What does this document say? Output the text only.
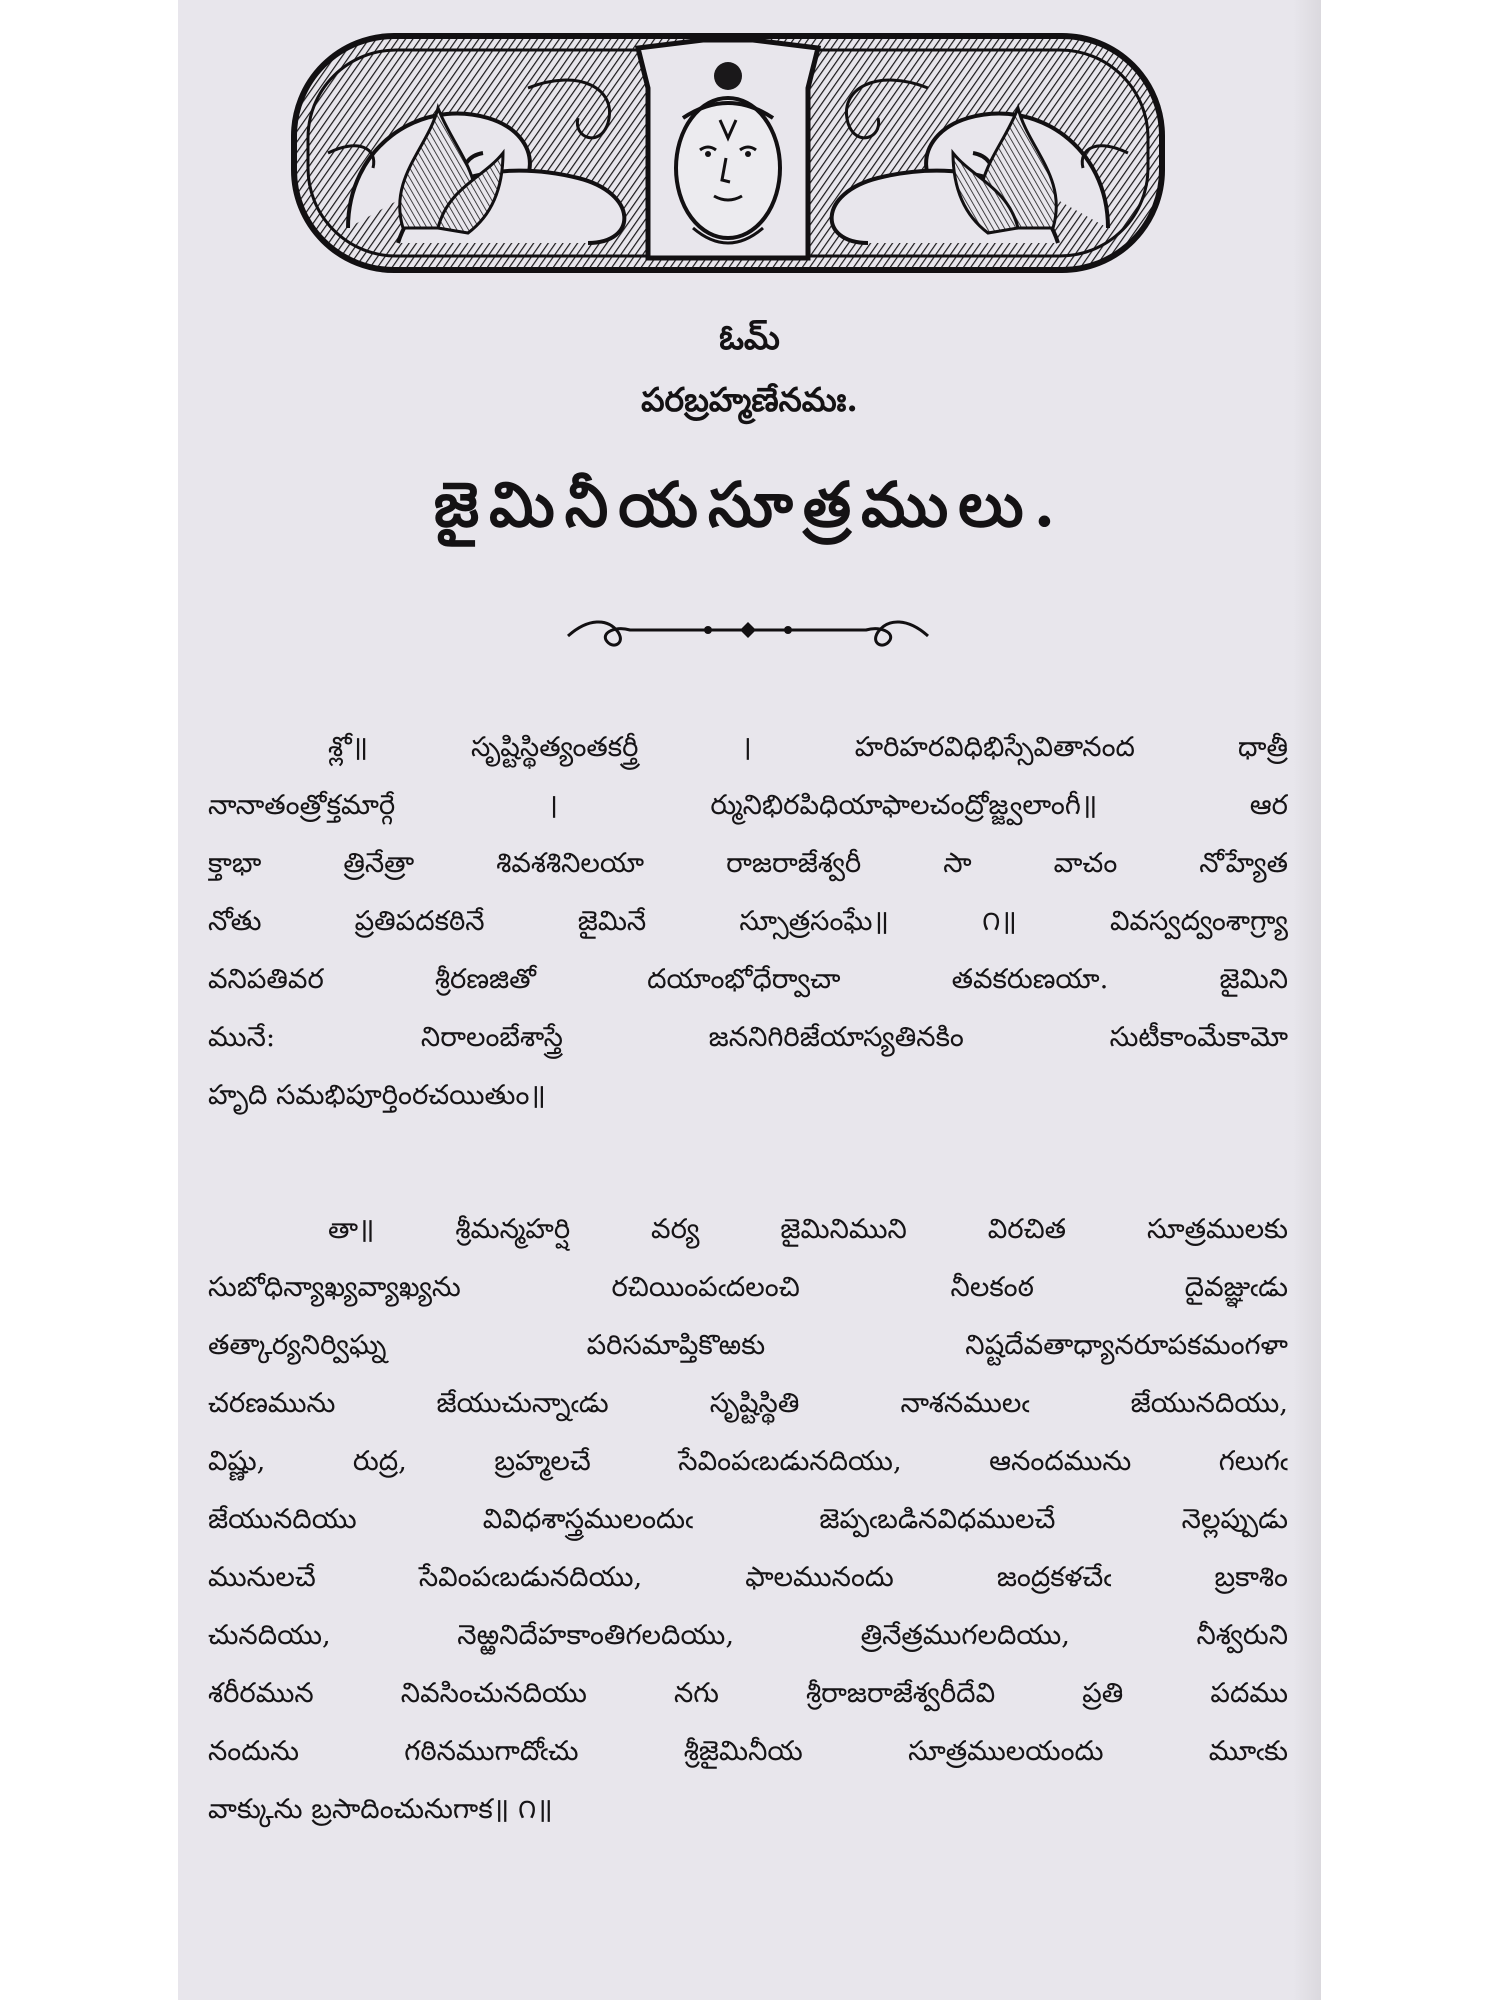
ఓమ్
పరబ్రహ్మణేనమః.
జైమినీయసూత్రములు.
శ్లో॥ సృష్టిస్థిత్యంతకర్త్రీ । హరిహరవిధిభిస్సేవితానంద ధాత్రీ
నానాతంత్రోక్తమార్గే । ర్మునిభిరపిధియాఫాలచంద్రోజ్జ్వలాంగీ॥ ఆర
క్తాభా త్రినేత్రా శివశశినిలయా రాజరాజేశ్వరీ సా వాచం నోహ్యేత
నోతు ప్రతిపదకఠినే జైమినే స్సూత్రసంఘే॥ ౧॥ వివస్వద్వంశాగ్ర్యా
వనిపతివర శ్రీరణజితో దయాంభోధేర్వాచా తవకరుణయా. జైమిని
మునే: నిరాలంబేశాస్త్రే జననిగిరిజేయాస్యతినకిం సుటీకాంమేకామో
హృది సమభిపూర్తింరచయితుం॥
తా॥ శ్రీమన్మహర్షి వర్య జైమినిముని విరచిత సూత్రములకు
సుబోధిన్యాఖ్యవ్యాఖ్యను రచియింపఁదలంచి నీలకంఠ దైవజ్ఞుఁడు
తత్కార్యనిర్విఘ్న పరిసమాప్తికొఱకు నిష్టదేవతాధ్యానరూపకమంగళా
చరణమును జేయుచున్నాఁడు సృష్టిస్థితి నాశనములఁ జేయునదియు,
విష్ణు, రుద్ర, బ్రహ్మలచే సేవింపఁబడునదియు, ఆనందమును గలుగఁ
జేయునదియు వివిధశాస్త్రములందుఁ జెప్పఁబడినవిధములచే నెల్లప్పుడు
మునులచే సేవింపఁబడునదియు, ఫాలమునందు జంద్రకళచేఁ బ్రకాశిం
చునదియు, నెఱ్ఱనిదేహకాంతిగలదియు, త్రినేత్రముగలదియు, నీశ్వరుని
శరీరమున నివసించునదియు నగు శ్రీరాజరాజేశ్వరీదేవి ప్రతి పదము
నందును గఠినముగాదోఁచు శ్రీజైమినీయ సూత్రములయందు మూఁకు
వాక్కును బ్రసాదించునుగాక॥ ౧॥
